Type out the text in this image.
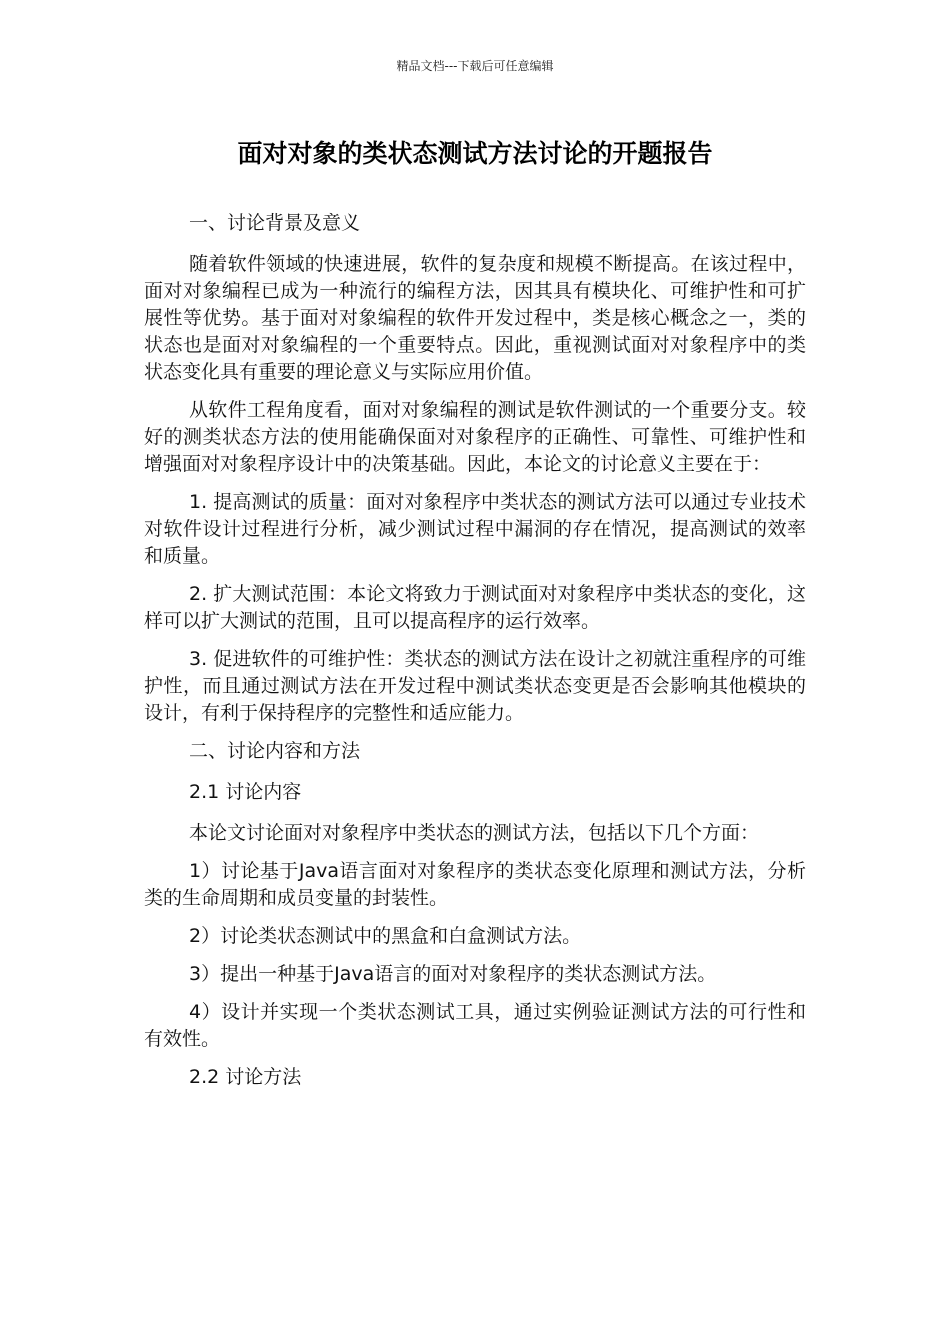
精品文档---下载后可任意编辑
面对对象的类状态测试方法讨论的开题报告

一、讨论背景及意义

随着软件领域的快速进展，软件的复杂度和规模不断提高。在该过程中，面对对象编程已成为一种流行的编程方法，因其具有模块化、可维护性和可扩展性等优势。基于面对对象编程的软件开发过程中，类是核心概念之一，类的状态也是面对对象编程的一个重要特点。因此，重视测试面对对象程序中的类状态变化具有重要的理论意义与实际应用价值。

从软件工程角度看，面对对象编程的测试是软件测试的一个重要分支。较好的测类状态方法的使用能确保面对对象程序的正确性、可靠性、可维护性和增强面对对象程序设计中的决策基础。因此，本论文的讨论意义主要在于：

1. 提高测试的质量：面对对象程序中类状态的测试方法可以通过专业技术对软件设计过程进行分析，减少测试过程中漏洞的存在情况，提高测试的效率和质量。

2. 扩大测试范围：本论文将致力于测试面对对象程序中类状态的变化，这样可以扩大测试的范围，且可以提高程序的运行效率。

3. 促进软件的可维护性：类状态的测试方法在设计之初就注重程序的可维护性，而且通过测试方法在开发过程中测试类状态变更是否会影响其他模块的设计，有利于保持程序的完整性和适应能力。

二、讨论内容和方法

2.1 讨论内容

本论文讨论面对对象程序中类状态的测试方法，包括以下几个方面：

1）讨论基于Java语言面对对象程序的类状态变化原理和测试方法，分析类的生命周期和成员变量的封装性。

2）讨论类状态测试中的黑盒和白盒测试方法。

3）提出一种基于Java语言的面对对象程序的类状态测试方法。

4）设计并实现一个类状态测试工具，通过实例验证测试方法的可行性和有效性。

2.2 讨论方法
